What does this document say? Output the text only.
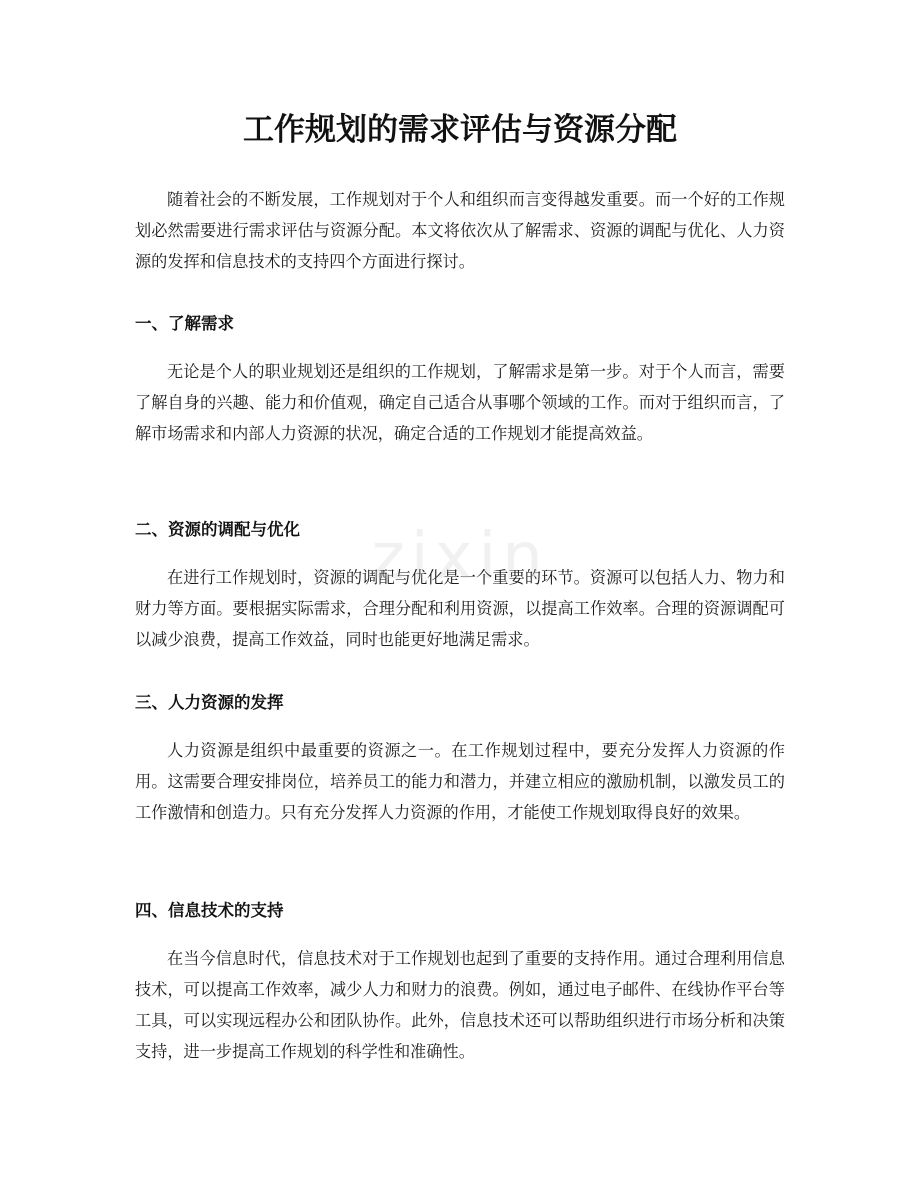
工作规划的需求评估与资源分配

随着社会的不断发展，工作规划对于个人和组织而言变得越发重要。而一个好的工作规划必然需要进行需求评估与资源分配。本文将依次从了解需求、资源的调配与优化、人力资源的发挥和信息技术的支持四个方面进行探讨。

一、了解需求

无论是个人的职业规划还是组织的工作规划，了解需求是第一步。对于个人而言，需要了解自身的兴趣、能力和价值观，确定自己适合从事哪个领域的工作。而对于组织而言，了解市场需求和内部人力资源的状况，确定合适的工作规划才能提高效益。

二、资源的调配与优化

在进行工作规划时，资源的调配与优化是一个重要的环节。资源可以包括人力、物力和财力等方面。要根据实际需求，合理分配和利用资源，以提高工作效率。合理的资源调配可以减少浪费，提高工作效益，同时也能更好地满足需求。

三、人力资源的发挥

人力资源是组织中最重要的资源之一。在工作规划过程中，要充分发挥人力资源的作用。这需要合理安排岗位，培养员工的能力和潜力，并建立相应的激励机制，以激发员工的工作激情和创造力。只有充分发挥人力资源的作用，才能使工作规划取得良好的效果。

四、信息技术的支持

在当今信息时代，信息技术对于工作规划也起到了重要的支持作用。通过合理利用信息技术，可以提高工作效率，减少人力和财力的浪费。例如，通过电子邮件、在线协作平台等工具，可以实现远程办公和团队协作。此外，信息技术还可以帮助组织进行市场分析和决策支持，进一步提高工作规划的科学性和准确性。

zixin
